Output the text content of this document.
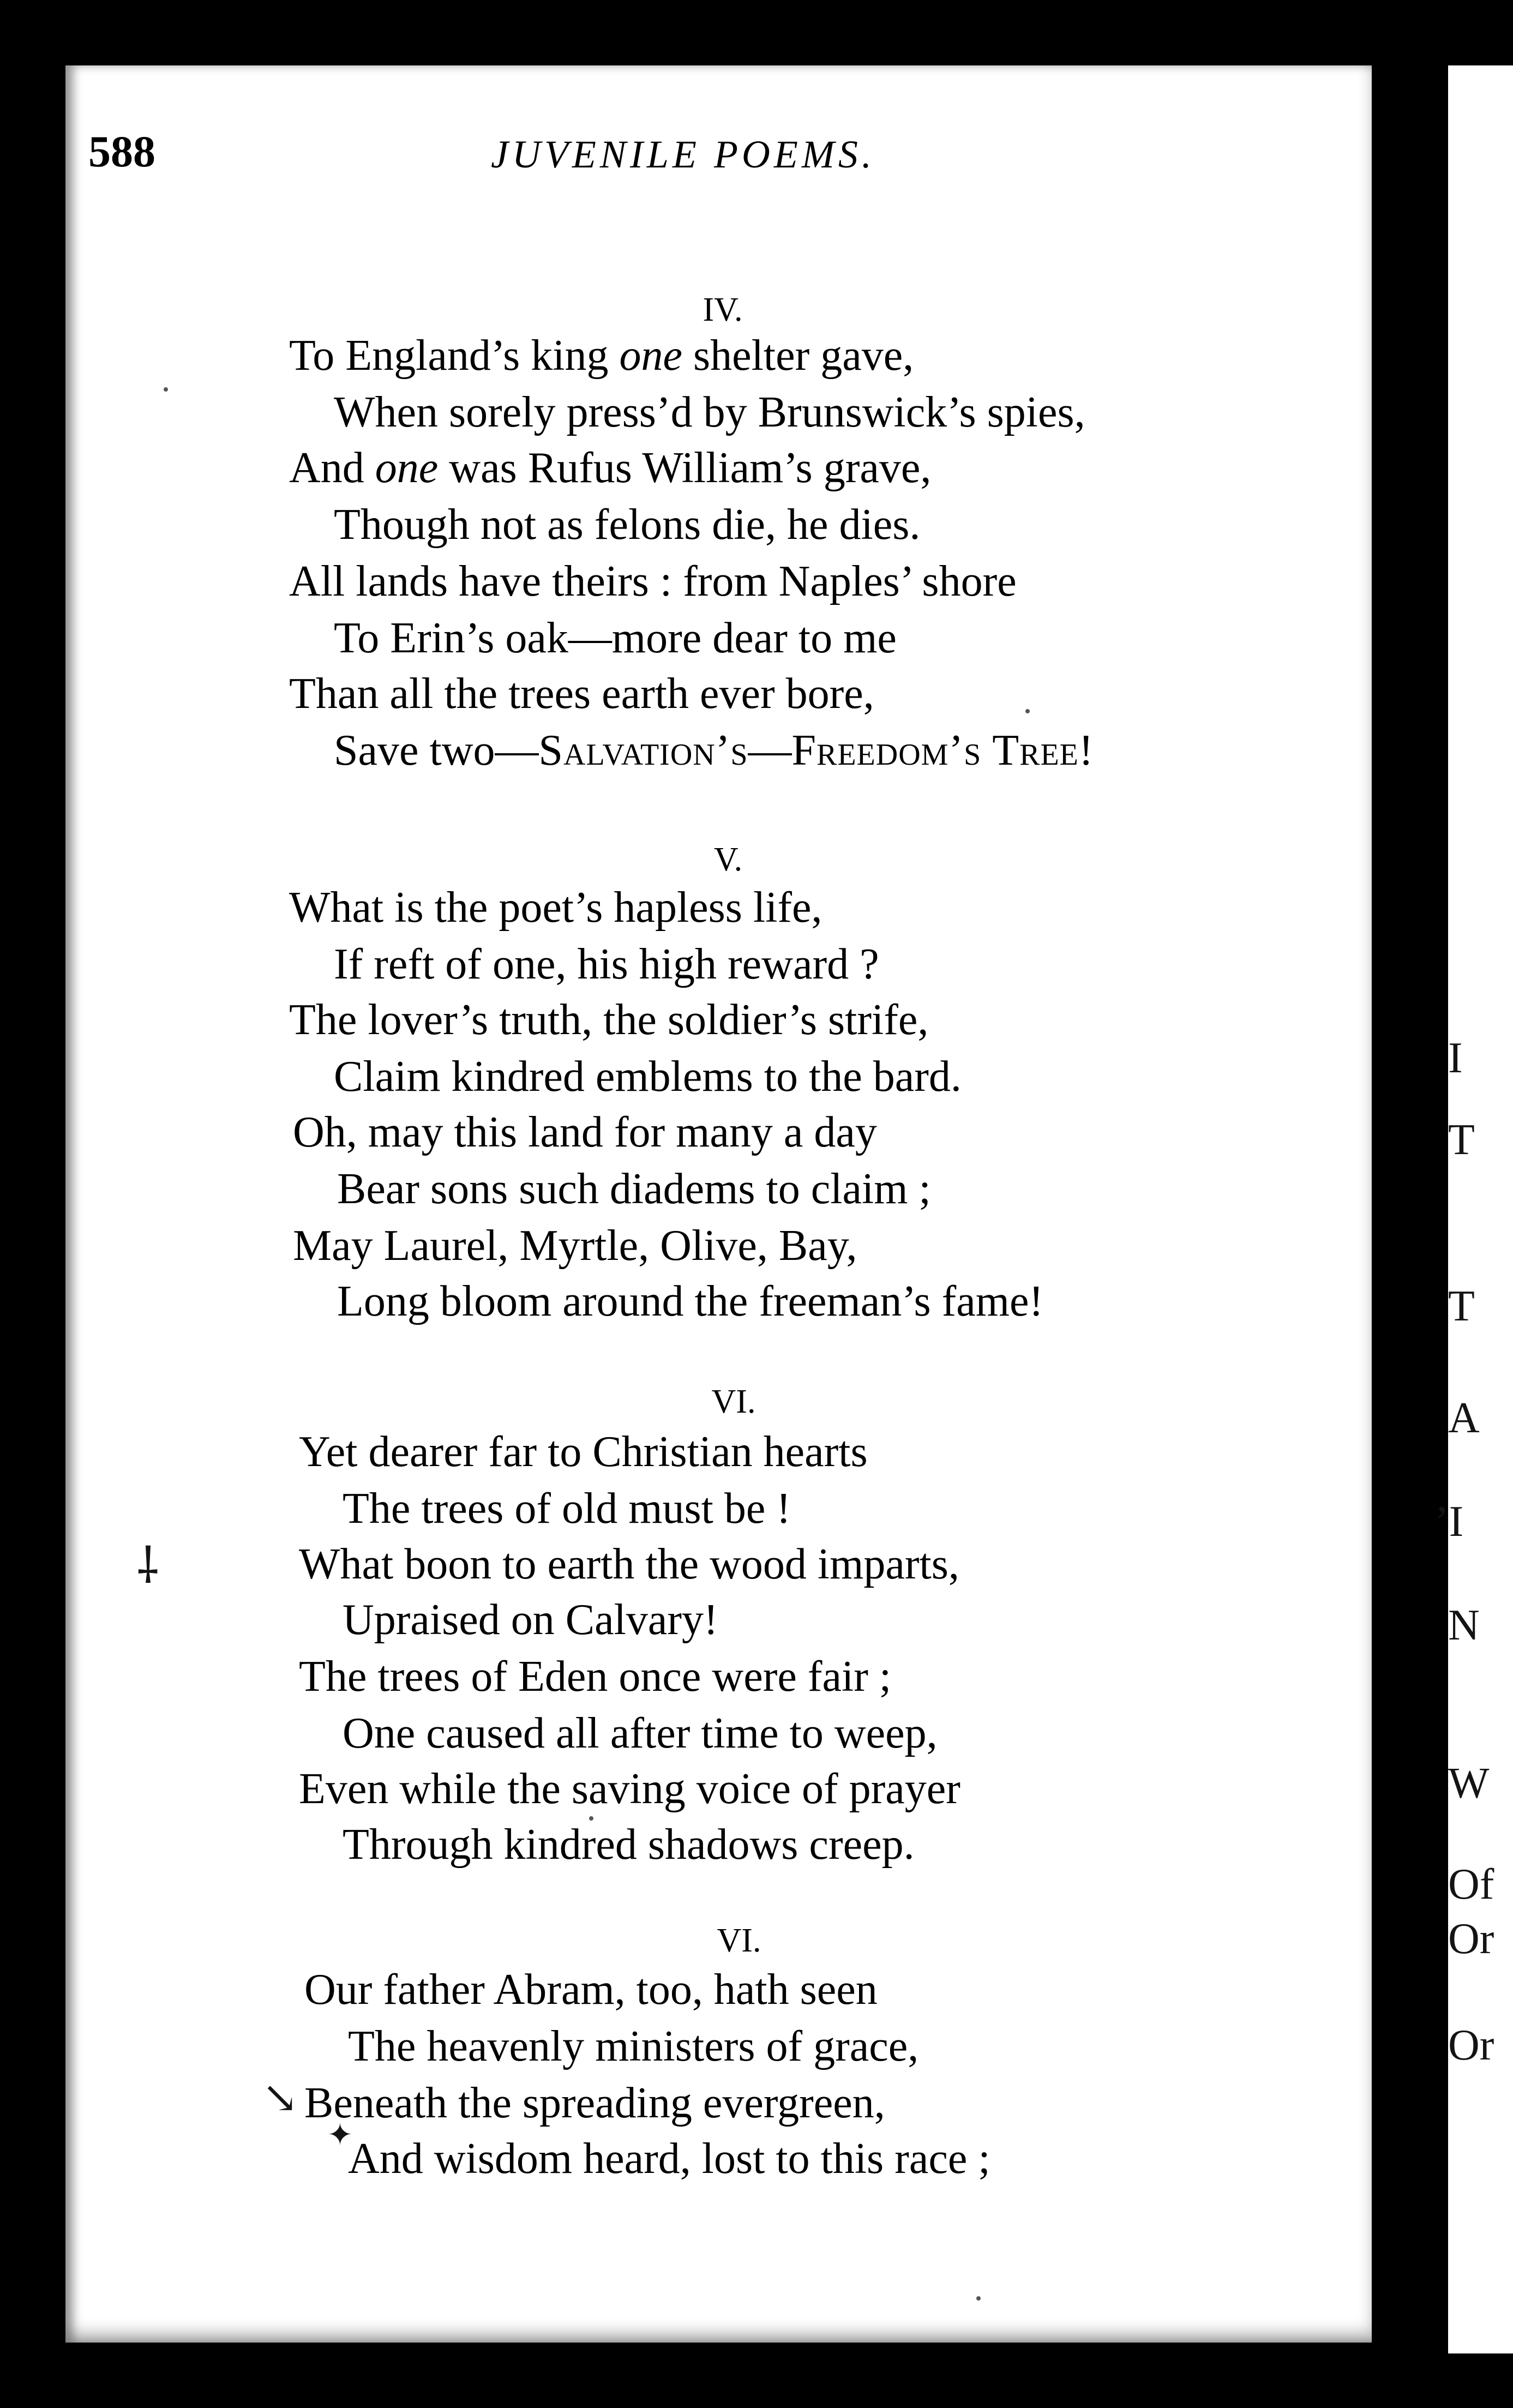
I
T
T
A
’I
N
W
Of
Or
Or
588	JUVENILE POEMS.
IV.
To England’s king one shelter gave,
When sorely press’d by Brunswick’s spies,
And one was Rufus William’s grave,
Though not as felons die, he dies.
All lands have theirs : from Naples’ shore
To Erin’s oak—more dear to me
Than all the trees earth ever bore,
Save two—Salvation’s—Freedom’s Tree!
V.
What is the poet’s hapless life,
If reft of one, his high reward ?
The lover’s truth, the soldier’s strife,
Claim kindred emblems to the bard.
Oh, may this land for many a day
Bear sons such diadems to claim ;
May Laurel, Myrtle, Olive, Bay,
Long bloom around the freeman’s fame!
VI.
Yet dearer far to Christian hearts
The trees of old must be !
What boon to earth the wood imparts,
Upraised on Calvary!
The trees of Eden once were fair ;
One caused all after time to weep,
Even while the saving voice of prayer
Through kindred shadows creep.
VI.
Our father Abram, too, hath seen
The heavenly ministers of grace,
Beneath the spreading evergreen,
And wisdom heard, lost to this race ;
⸸
↘
✦
